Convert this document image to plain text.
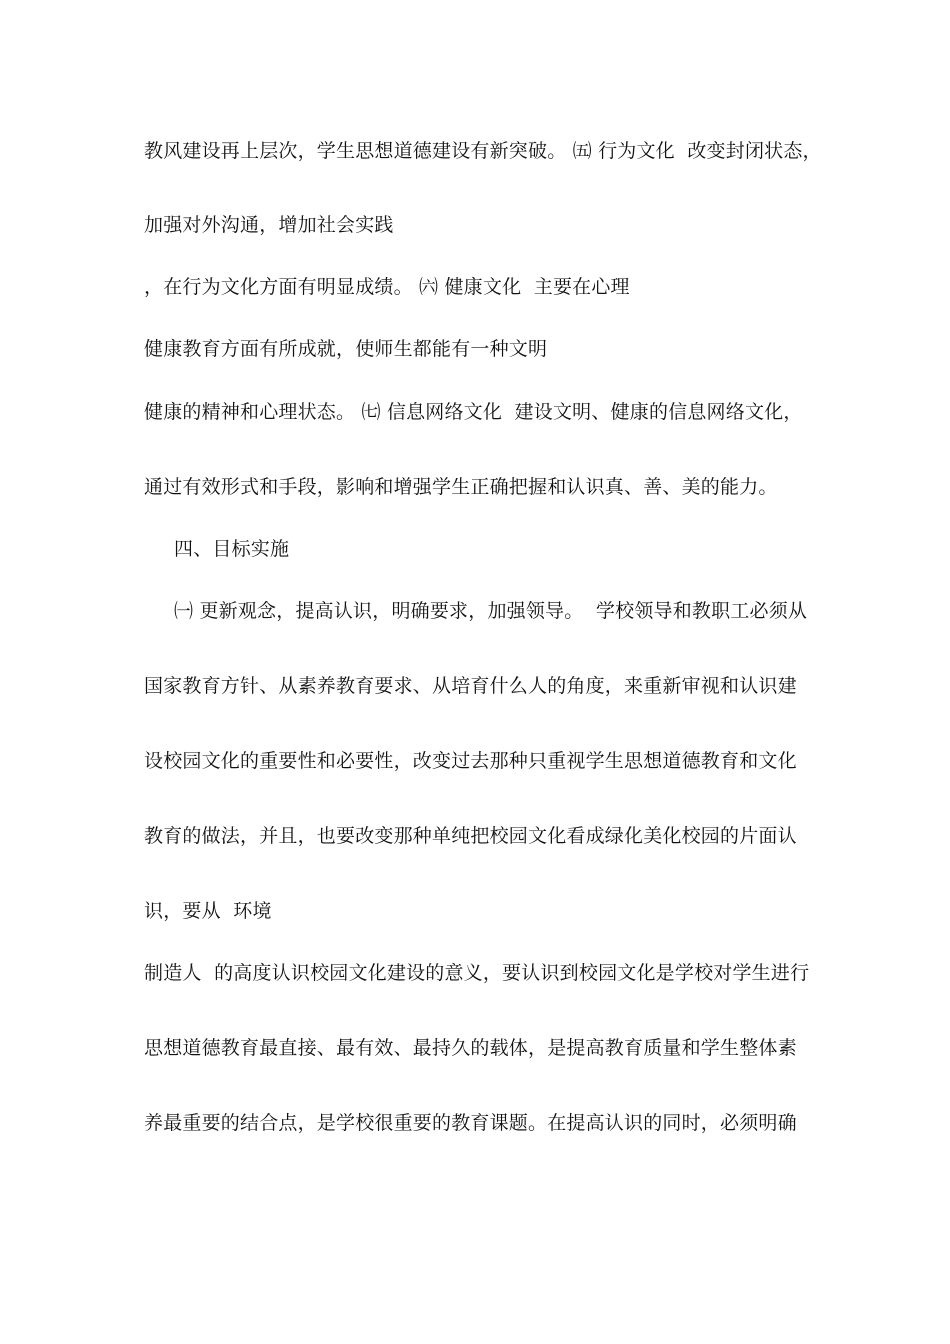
教风建设再上层次，学生思想道德建设有新突破。 ㈤ 行为文化  改变封闭状态，
加强对外沟通，增加社会实践
，在行为文化方面有明显成绩。 ㈥ 健康文化  主要在心理
健康教育方面有所成就，使师生都能有一种文明
健康的精神和心理状态。 ㈦ 信息网络文化  建设文明、健康的信息网络文化，
通过有效形式和手段，影响和增强学生正确把握和认识真、善、美的能力。
四、目标实施
㈠ 更新观念，提高认识，明确要求，加强领导。  学校领导和教职工必须从
国家教育方针、从素养教育要求、从培育什么人的角度，来重新审视和认识建
设校园文化的重要性和必要性，改变过去那种只重视学生思想道德教育和文化
教育的做法，并且，也要改变那种单纯把校园文化看成绿化美化校园的片面认
识，要从  环境
制造人  的高度认识校园文化建设的意义，要认识到校园文化是学校对学生进行
思想道德教育最直接、最有效、最持久的载体，是提高教育质量和学生整体素
养最重要的结合点，是学校很重要的教育课题。在提高认识的同时，必须明确
